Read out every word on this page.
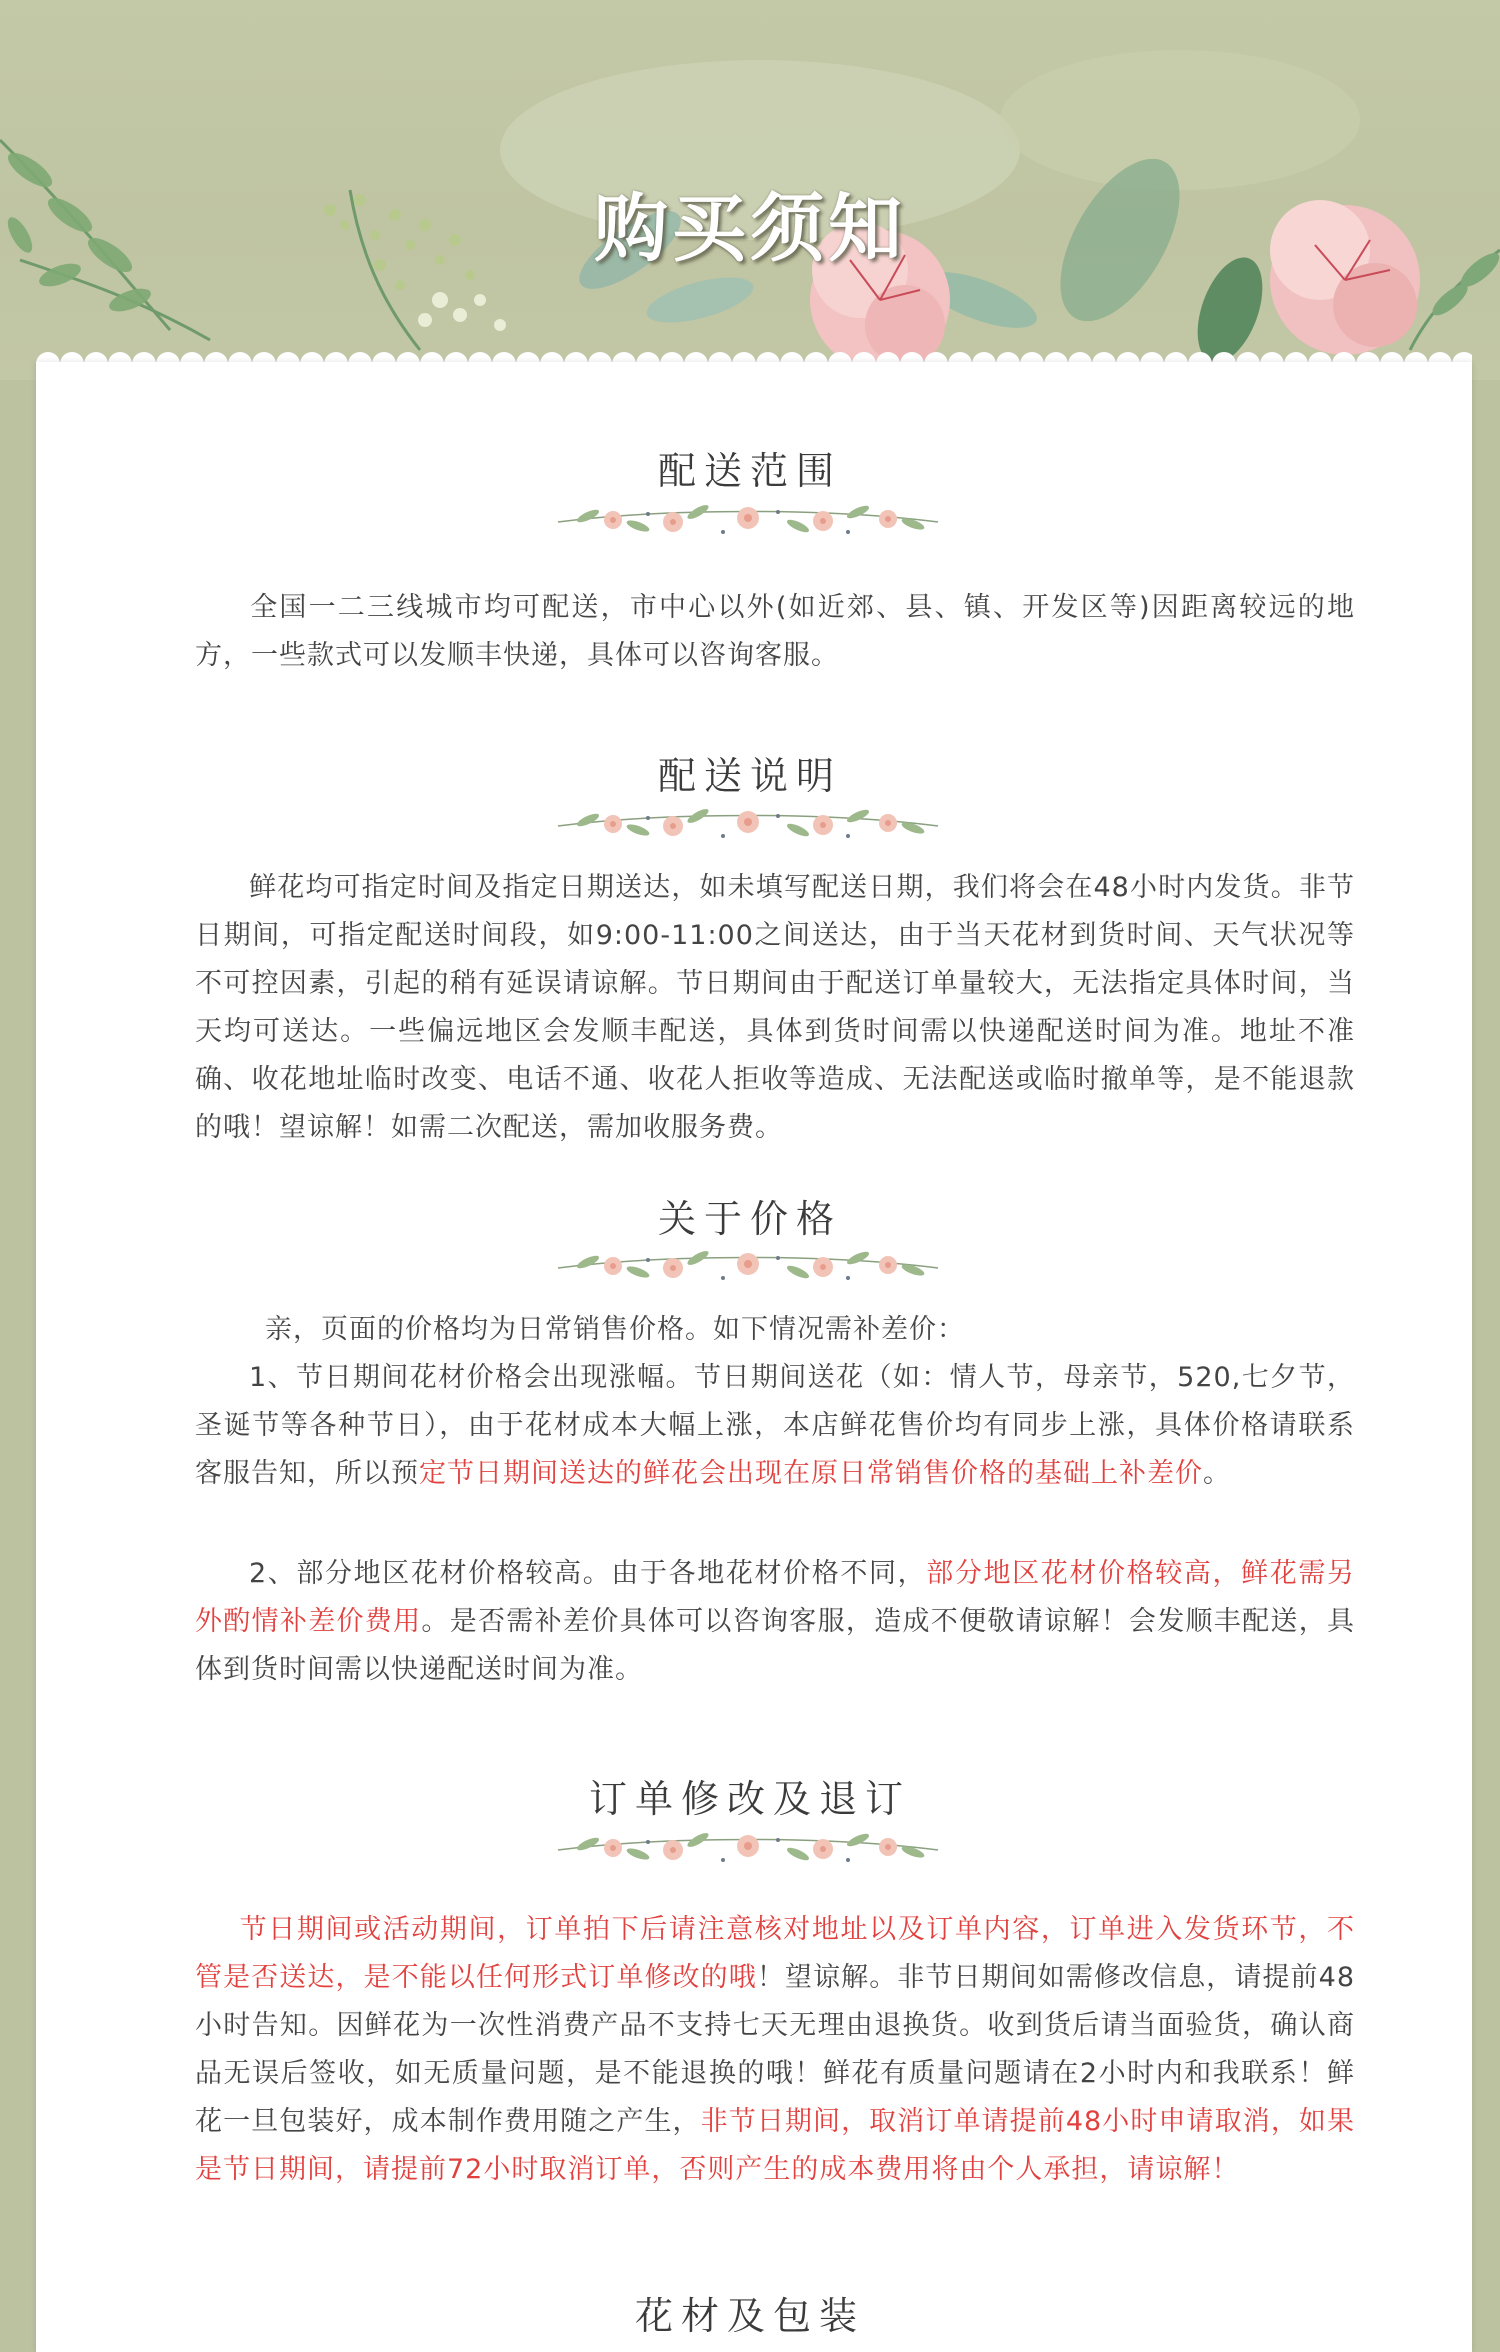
购买须知
配送范围

全国一二三线城市均可配送，市中心以外(如近郊、县、镇、开发区等)因距离较远的地方，一些款式可以发顺丰快递，具体可以咨询客服。

配送说明

鲜花均可指定时间及指定日期送达，如未填写配送日期，我们将会在48小时内发货。非节日期间，可指定配送时间段，如9:00-11:00之间送达，由于当天花材到货时间、天气状况等不可控因素，引起的稍有延误请谅解。节日期间由于配送订单量较大，无法指定具体时间，当天均可送达。一些偏远地区会发顺丰配送，具体到货时间需以快递配送时间为准。地址不准确、收花地址临时改变、电话不通、收花人拒收等造成、无法配送或临时撤单等，是不能退款的哦！望谅解！如需二次配送，需加收服务费。

关于价格

亲，页面的价格均为日常销售价格。如下情况需补差价：

1、节日期间花材价格会出现涨幅。节日期间送花（如：情人节，母亲节，520,七夕节，圣诞节等各种节日），由于花材成本大幅上涨，本店鲜花售价均有同步上涨，具体价格请联系客服告知，所以预定节日期间送达的鲜花会出现在原日常销售价格的基础上补差价。

2、部分地区花材价格较高。由于各地花材价格不同，部分地区花材价格较高，鲜花需另外酌情补差价费用。是否需补差价具体可以咨询客服，造成不便敬请谅解！会发顺丰配送，具体到货时间需以快递配送时间为准。

订单修改及退订

节日期间或活动期间，订单拍下后请注意核对地址以及订单内容，订单进入发货环节，不管是否送达，是不能以任何形式订单修改的哦！望谅解。非节日期间如需修改信息，请提前48小时告知。因鲜花为一次性消费产品不支持七天无理由退换货。收到货后请当面验货，确认商品无误后签收，如无质量问题，是不能退换的哦！鲜花有质量问题请在2小时内和我联系！鲜花一旦包装好，成本制作费用随之产生，非节日期间，取消订单请提前48小时申请取消，如果是节日期间，请提前72小时取消订单，否则产生的成本费用将由个人承担，请谅解！

花材及包装
